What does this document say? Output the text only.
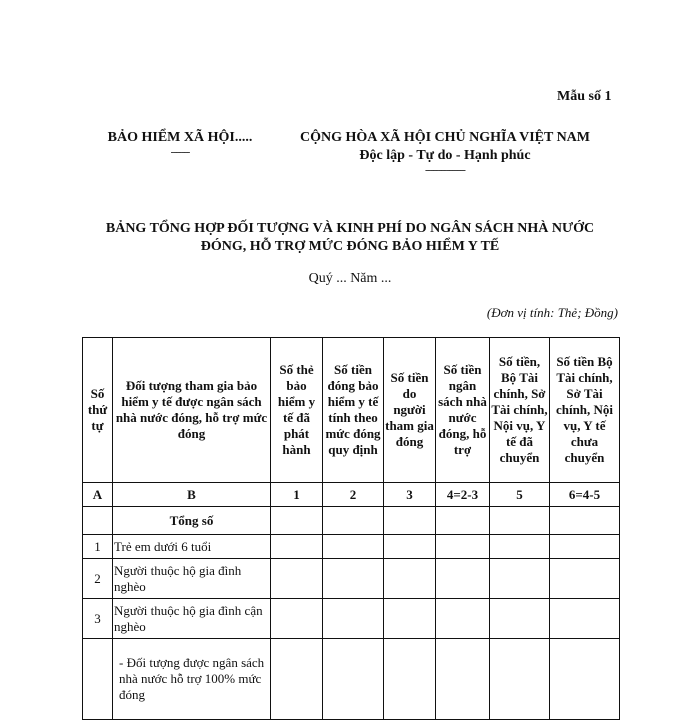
Mẫu số 1
BẢO HIỂM XÃ HỘI.....
-------
CỘNG HÒA XÃ HỘI CHỦ NGHĨA VIỆT NAM
Độc lập - Tự do - Hạnh phúc
---------------
BẢNG TỔNG HỢP ĐỐI TƯỢNG VÀ KINH PHÍ DO NGÂN SÁCH NHÀ NƯỚC
ĐÓNG, HỖ TRỢ MỨC ĐÓNG BẢO HIỂM Y TẾ
Quý ... Năm ...
(Đơn vị tính: Thẻ; Đồng)
Số thứ tự	Đối tượng tham gia bảo hiểm y tế được ngân sách nhà nước đóng, hỗ trợ mức đóng	Số thẻ bảo hiểm y tế đã phát hành	Số tiền đóng bảo hiểm y tế tính theo mức đóng quy định	Số tiền do người tham gia đóng	Số tiền ngân sách nhà nước đóng, hỗ trợ	Số tiền, Bộ Tài chính, Sở Tài chính, Nội vụ, Y tế đã chuyển	Số tiền Bộ Tài chính, Sở Tài chính, Nội vụ, Y tế chưa chuyển
A	B	1	2	3	4=2-3	5	6=4-5
	Tổng số						
1	Trẻ em dưới 6 tuổi						
2	Người thuộc hộ gia đình nghèo						
3	Người thuộc hộ gia đình cận nghèo						
	- Đối tượng được ngân sách nhà nước hỗ trợ 100% mức đóng						
